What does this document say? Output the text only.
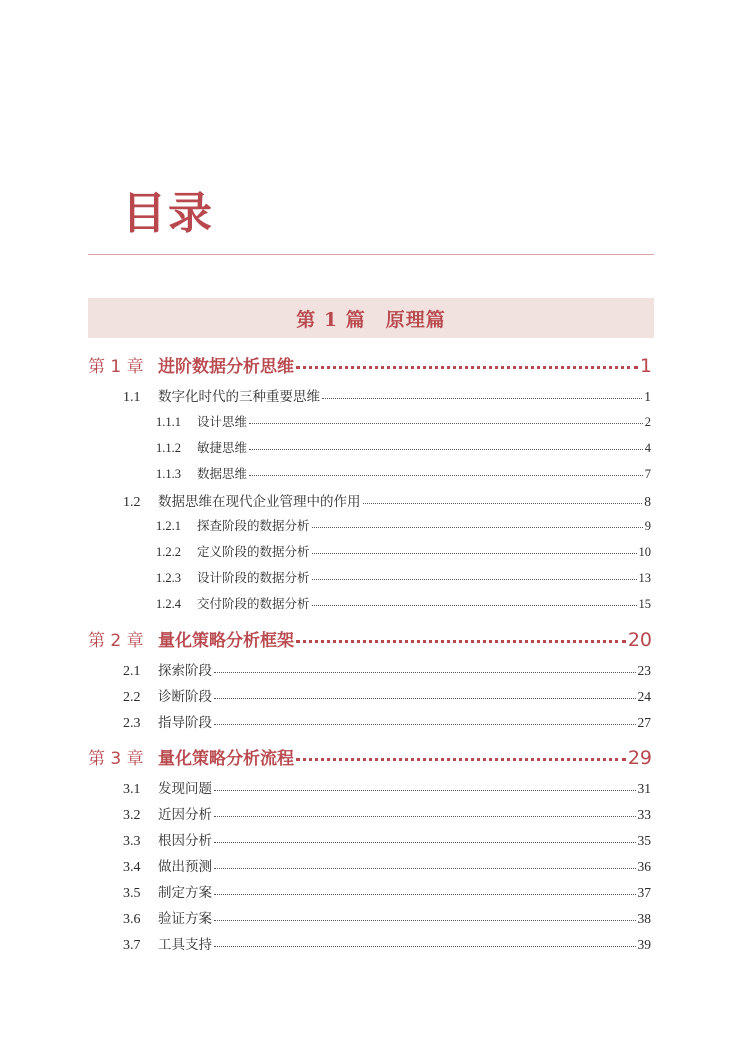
目录
第 1 篇　原理篇
第 1 章 进阶数据分析思维	1
1.1	数字化时代的三种重要思维	1
1.1.1	设计思维	2
1.1.2	敏捷思维	4
1.1.3	数据思维	7
1.2	数据思维在现代企业管理中的作用	8
1.2.1	探查阶段的数据分析	9
1.2.2	定义阶段的数据分析	10
1.2.3	设计阶段的数据分析	13
1.2.4	交付阶段的数据分析	15
第 2 章 量化策略分析框架	20
2.1	探索阶段	23
2.2	诊断阶段	24
2.3	指导阶段	27
第 3 章 量化策略分析流程	29
3.1	发现问题	31
3.2	近因分析	33
3.3	根因分析	35
3.4	做出预测	36
3.5	制定方案	37
3.6	验证方案	38
3.7	工具支持	39
